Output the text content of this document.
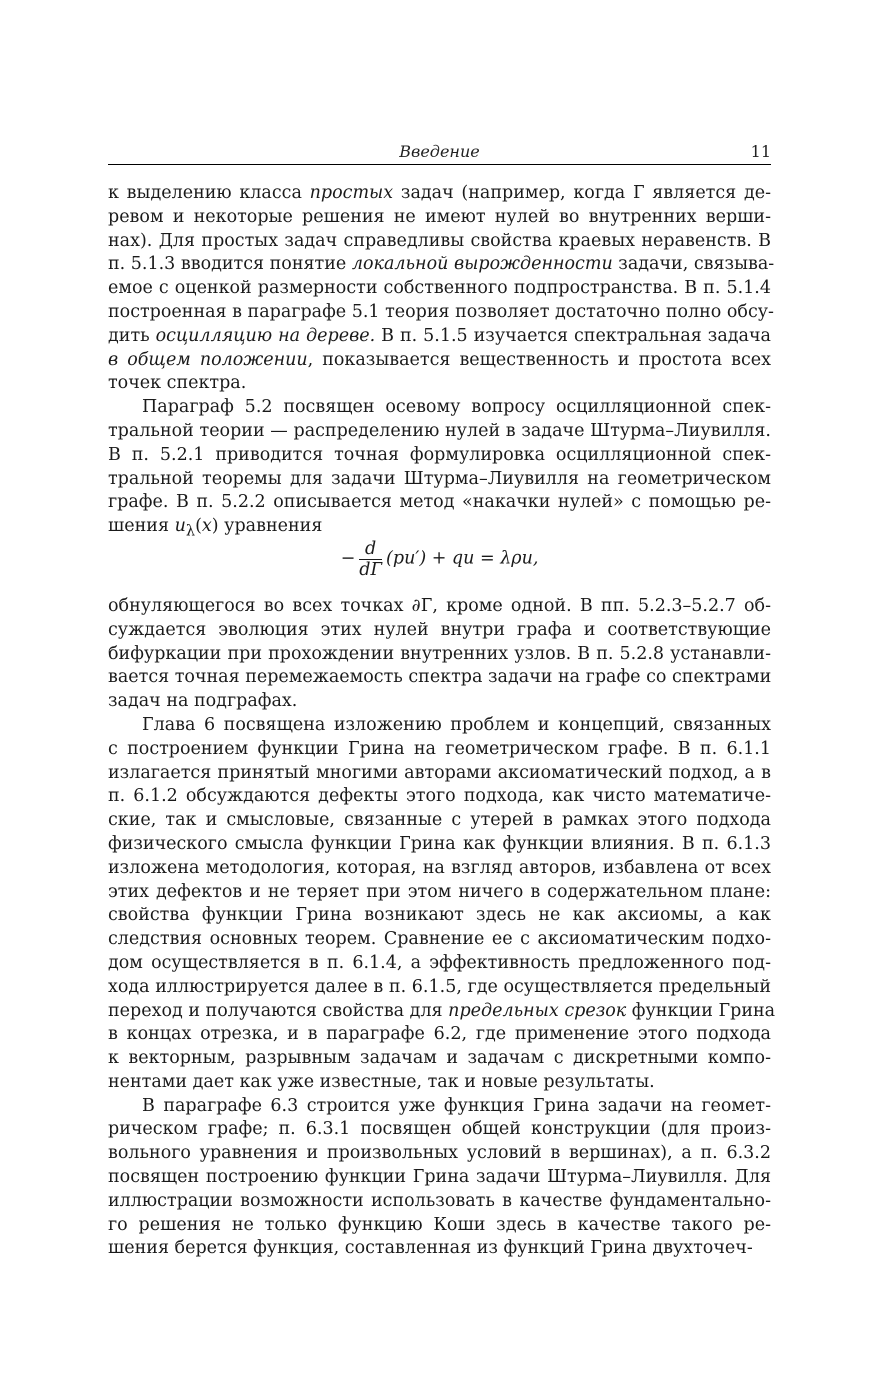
Введение	11
к выделению класса простых задач (например, когда Г является де-
ревом и некоторые решения не имеют нулей во внутренних верши-
нах). Для простых задач справедливы свойства краевых неравенств. В
п. 5.1.3 вводится понятие локальной вырожденности задачи, связыва-
емое с оценкой размерности собственного подпространства. В п. 5.1.4
построенная в параграфе 5.1 теория позволяет достаточно полно обсу-
дить осцилляцию на дереве. В п. 5.1.5 изучается спектральная задача
в общем положении, показывается вещественность и простота всех
точек спектра.
Параграф 5.2 посвящен осевому вопросу осцилляционной спек-
тральной теории — распределению нулей в задаче Штурма–Лиувилля.
В п. 5.2.1 приводится точная формулировка осцилляционной спек-
тральной теоремы для задачи Штурма–Лиувилля на геометрическом
графе. В п. 5.2.2 описывается метод «накачки нулей» с помощью ре-
шения $u_\lambda(x)$ уравнения
− $\frac{d}{dГ} (pu')$ + qu = λρu,
обнуляющегося во всех точках ∂Г, кроме одной. В пп. 5.2.3–5.2.7 об-
суждается эволюция этих нулей внутри графа и соответствующие
бифуркации при прохождении внутренних узлов. В п. 5.2.8 устанавли-
вается точная перемежаемость спектра задачи на графе со спектрами
задач на подграфах.
Глава 6 посвящена изложению проблем и концепций, связанных
с построением функции Грина на геометрическом графе. В п. 6.1.1
излагается принятый многими авторами аксиоматический подход, а в
п. 6.1.2 обсуждаются дефекты этого подхода, как чисто математиче-
ские, так и смысловые, связанные с утерей в рамках этого подхода
физического смысла функции Грина как функции влияния. В п. 6.1.3
изложена методология, которая, на взгляд авторов, избавлена от всех
этих дефектов и не теряет при этом ничего в содержательном плане:
свойства функции Грина возникают здесь не как аксиомы, а как
следствия основных теорем. Сравнение ее с аксиоматическим подхо-
дом осуществляется в п. 6.1.4, а эффективность предложенного под-
хода иллюстрируется далее в п. 6.1.5, где осуществляется предельный
переход и получаются свойства для предельных срезок функции Грина
в концах отрезка, и в параграфе 6.2, где применение этого подхода
к векторным, разрывным задачам и задачам с дискретными компо-
нентами дает как уже известные, так и новые результаты.
В параграфе 6.3 строится уже функция Грина задачи на геомет-
рическом графе; п. 6.3.1 посвящен общей конструкции (для произ-
вольного уравнения и произвольных условий в вершинах), а п. 6.3.2
посвящен построению функции Грина задачи Штурма–Лиувилля. Для
иллюстрации возможности использовать в качестве фундаментально-
го решения не только функцию Коши здесь в качестве такого ре-
шения берется функция, составленная из функций Грина двухточеч-
